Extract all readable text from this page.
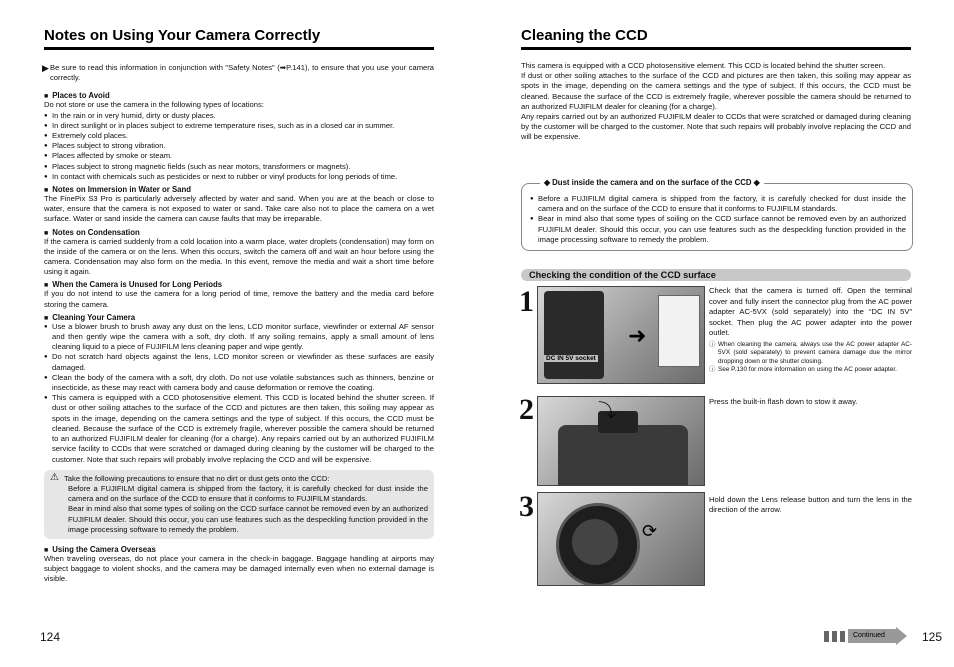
Notes on Using Your Camera Correctly

▶ Be sure to read this information in conjunction with "Safety Notes" (➡P.141), to ensure that you use your camera correctly.

■ Places to Avoid

Do not store or use the camera in the following types of locations:

● In the rain or in very humid, dirty or dusty places.
● In direct sunlight or in places subject to extreme temperature rises, such as in a closed car in summer.
● Extremely cold places.
● Places subject to strong vibration.
● Places affected by smoke or steam.
● Places subject to strong magnetic fields (such as near motors, transformers or magnets).
● In contact with chemicals such as pesticides or next to rubber or vinyl products for long periods of time.

■ Notes on Immersion in Water or Sand

The FinePix S3 Pro is particularly adversely affected by water and sand. When you are at the beach or close to water, ensure that the camera is not exposed to water or sand. Take care also not to place the camera on a wet surface. Water or sand inside the camera can cause faults that may be irreparable.

■ Notes on Condensation

If the camera is carried suddenly from a cold location into a warm place, water droplets (condensation) may form on the inside of the camera or on the lens. When this occurs, switch the camera off and wait an hour before using the camera. Condensation may also form on the media. In this event, remove the media and wait a short time before using it again.

■ When the Camera is Unused for Long Periods

If you do not intend to use the camera for a long period of time, remove the battery and the media card before storing the camera.

■ Cleaning Your Camera

● Use a blower brush to brush away any dust on the lens, LCD monitor surface, viewfinder or external AF sensor and then gently wipe the camera with a soft, dry cloth. If any soiling remains, apply a small amount of lens cleaning liquid to a piece of FUJIFILM lens cleaning paper and wipe gently.
● Do not scratch hard objects against the lens, LCD monitor screen or viewfinder as these surfaces are easily damaged.
● Clean the body of the camera with a soft, dry cloth. Do not use volatile substances such as thinners, benzine or insecticide, as these may react with camera body and cause deformation or remove the coating.
● This camera is equipped with a CCD photosensitive element. This CCD is located behind the shutter screen. If dust or other soiling attaches to the surface of the CCD and pictures are then taken, this soiling may appear as spots in the image, depending on the camera settings and the type of subject. If this occurs, the CCD must be cleaned. Because the surface of the CCD is extremely fragile, wherever possible the camera should be returned to an authorized FUJIFILM dealer for cleaning (for a charge). Any repairs carried out by an authorized FUJIFILM service facility to CCDs that were scratched or damaged during cleaning by the customer will be charged to the customer. Note that such repairs will probably involve replacing the CCD and will be expensive.

⚠ Take the following precautions to ensure that no dirt or dust gets onto the CCD:

Before a FUJIFILM digital camera is shipped from the factory, it is carefully checked for dust inside the camera and on the surface of the CCD to ensure that it conforms to FUJIFILM standards.

Bear in mind also that some types of soiling on the CCD surface cannot be removed even by an authorized FUJIFILM dealer. Should this occur, you can use features such as the despeckling function provided in the image processing software to remedy the problem.

■ Using the Camera Overseas

When traveling overseas, do not place your camera in the check-in baggage. Baggage handling at airports may subject baggage to violent shocks, and the camera may be damaged internally even when no external damage is visible.

124
Cleaning the CCD

This camera is equipped with a CCD photosensitive element. This CCD is located behind the shutter screen.

If dust or other soiling attaches to the surface of the CCD and pictures are then taken, this soiling may appear as spots in the image, depending on the camera settings and the type of subject. If this occurs, the CCD must be cleaned. Because the surface of the CCD is extremely fragile, wherever possible the camera should be returned to an authorized FUJIFILM dealer for cleaning (for a charge).

Any repairs carried out by an authorized FUJIFILM dealer to CCDs that were scratched or damaged during cleaning by the customer will be charged to the customer. Note that such repairs will probably involve replacing the CCD and will be expensive.

◆ Dust inside the camera and on the surface of the CCD ◆
● Before a FUJIFILM digital camera is shipped from the factory, it is carefully checked for dust inside the camera and on the surface of the CCD to ensure that it conforms to FUJIFILM standards.
● Bear in mind also that some types of soiling on the CCD surface cannot be removed even by an authorized FUJIFILM dealer. Should this occur, you can use features such as the despeckling function provided in the image processing software to remedy the problem.
Checking the condition of the CCD surface
1
➜
DC IN 5V socket

Check that the camera is turned off. Open the terminal cover and fully insert the connector plug from the AC power adapter AC-5VX (sold separately) into the “DC IN 5V” socket. Then plug the AC power adapter into the power outlet.

ⓘ When cleaning the camera, always use the AC power adapter AC-5VX (sold separately) to prevent camera damage due the mirror dropping down or the shutter closing.

ⓘ See P.130 for more information on using the AC power adapter.

2	⤵	Press the built-in flash down to stow it away.

3
⟳

Hold down the Lens release button and turn the lens in the direction of the arrow.

Continued	125
